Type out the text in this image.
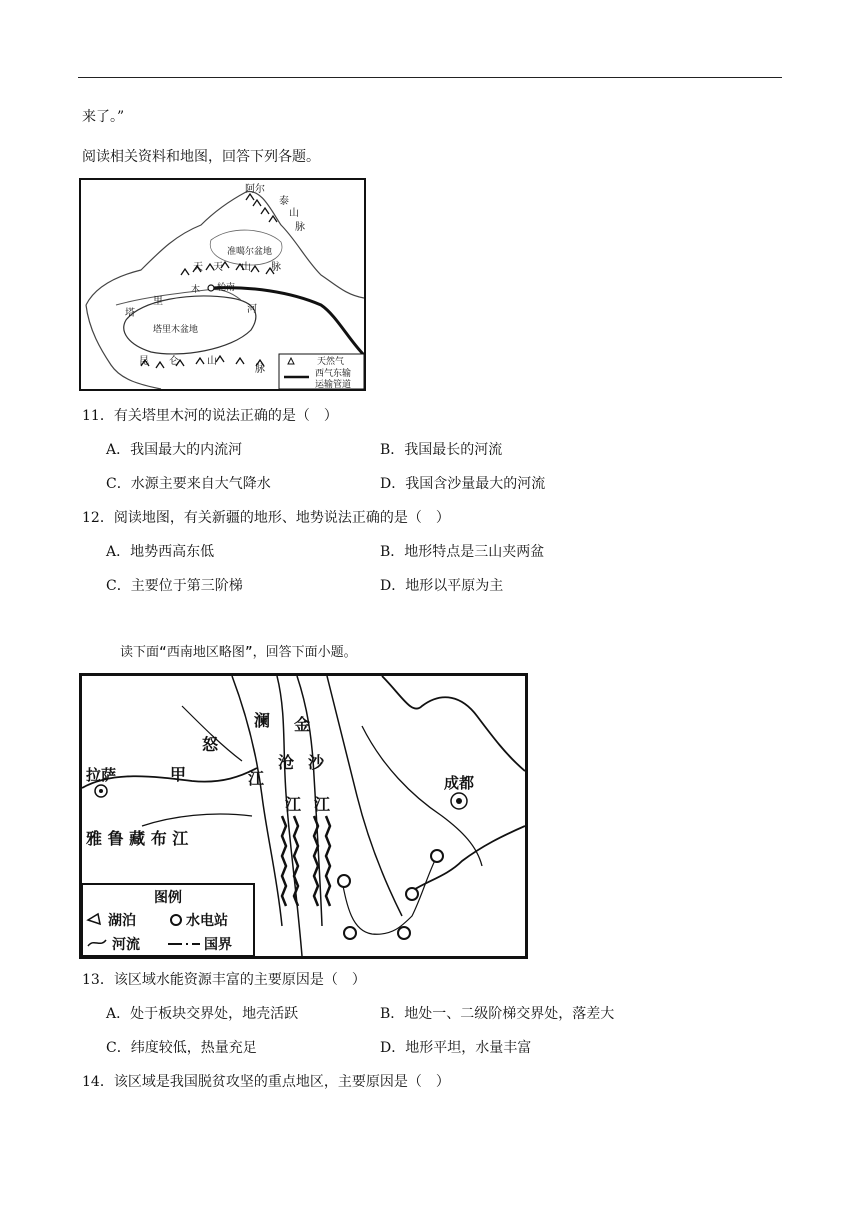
来了。”
阅读相关资料和地图，回答下列各题。
阿尔
泰
山
脉
准噶尔盆地
天 天 山 脉
木 轮南
塔
里
河
塔里木盆地
昆 仑	山
脉
天然气
西气东输
运输管道
11．有关塔里木河的说法正确的是（　）
A．我国最大的内流河	B．我国最长的河流
C．水源主要来自大气降水	D．我国含沙量最大的河流
12．阅读地图，有关新疆的地形、地势说法正确的是（　）
A．地势西高东低	B．地形特点是三山夹两盆
C．主要位于第三阶梯	D．地形以平原为主
读下面“西南地区略图”，回答下面小题。
澜 金
怒
沧 沙
江
江 江
拉萨	甲	成都
雅 鲁 藏 布 江
图例
湖泊	水电站
河流	国界
13．该区域水能资源丰富的主要原因是（　）
A．处于板块交界处，地壳活跃	B．地处一、二级阶梯交界处，落差大
C．纬度较低，热量充足	D．地形平坦，水量丰富
14．该区域是我国脱贫攻坚的重点地区，主要原因是（　）
